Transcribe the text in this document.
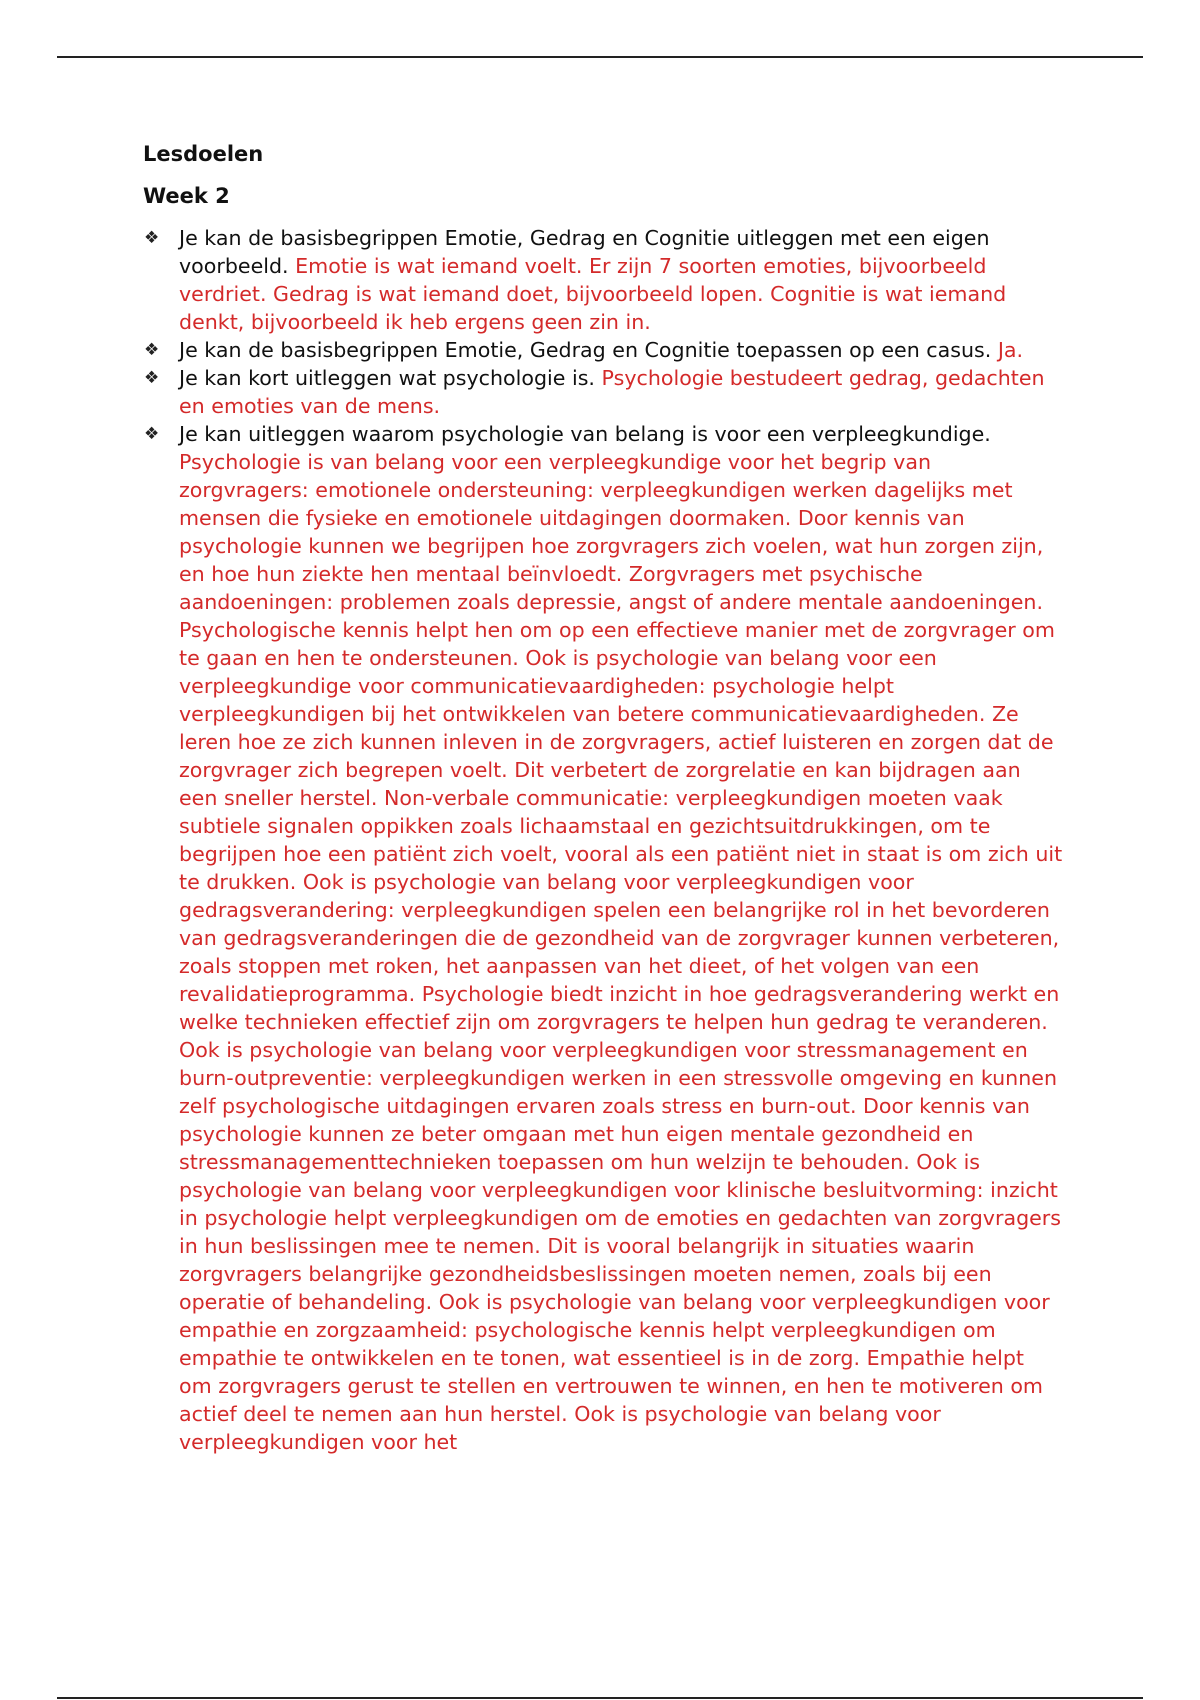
Lesdoelen

Week 2

❖ Je kan de basisbegrippen Emotie, Gedrag en Cognitie uitleggen met een eigen voorbeeld. Emotie is wat iemand voelt. Er zijn 7 soorten emoties, bijvoorbeeld verdriet. Gedrag is wat iemand doet, bijvoorbeeld lopen. Cognitie is wat iemand denkt, bijvoorbeeld ik heb ergens geen zin in.
❖ Je kan de basisbegrippen Emotie, Gedrag en Cognitie toepassen op een casus. Ja.
❖ Je kan kort uitleggen wat psychologie is. Psychologie bestudeert gedrag, gedachten en emoties van de mens.
❖ Je kan uitleggen waarom psychologie van belang is voor een verpleegkundige. Psychologie is van belang voor een verpleegkundige voor het begrip van zorgvragers: emotionele ondersteuning: verpleegkundigen werken dagelijks met mensen die fysieke en emotionele uitdagingen doormaken. Door kennis van psychologie kunnen we begrijpen hoe zorgvragers zich voelen, wat hun zorgen zijn, en hoe hun ziekte hen mentaal beïnvloedt. Zorgvragers met psychische aandoeningen: problemen zoals depressie, angst of andere mentale aandoeningen. Psychologische kennis helpt hen om op een effectieve manier met de zorgvrager om te gaan en hen te ondersteunen. Ook is psychologie van belang voor een verpleegkundige voor communicatievaardigheden: psychologie helpt verpleegkundigen bij het ontwikkelen van betere communicatievaardigheden. Ze leren hoe ze zich kunnen inleven in de zorgvragers, actief luisteren en zorgen dat de zorgvrager zich begrepen voelt. Dit verbetert de zorgrelatie en kan bijdragen aan een sneller herstel. Non-verbale communicatie: verpleegkundigen moeten vaak subtiele signalen oppikken zoals lichaamstaal en gezichtsuitdrukkingen, om te begrijpen hoe een patiënt zich voelt, vooral als een patiënt niet in staat is om zich uit te drukken. Ook is psychologie van belang voor verpleegkundigen voor gedragsverandering: verpleegkundigen spelen een belangrijke rol in het bevorderen van gedragsveranderingen die de gezondheid van de zorgvrager kunnen verbeteren, zoals stoppen met roken, het aanpassen van het dieet, of het volgen van een revalidatieprogramma. Psychologie biedt inzicht in hoe gedragsverandering werkt en welke technieken effectief zijn om zorgvragers te helpen hun gedrag te veranderen. Ook is psychologie van belang voor verpleegkundigen voor stressmanagement en burn-outpreventie: verpleegkundigen werken in een stressvolle omgeving en kunnen zelf psychologische uitdagingen ervaren zoals stress en burn-out. Door kennis van psychologie kunnen ze beter omgaan met hun eigen mentale gezondheid en stressmanagementtechnieken toepassen om hun welzijn te behouden. Ook is psychologie van belang voor verpleegkundigen voor klinische besluitvorming: inzicht in psychologie helpt verpleegkundigen om de emoties en gedachten van zorgvragers in hun beslissingen mee te nemen. Dit is vooral belangrijk in situaties waarin zorgvragers belangrijke gezondheidsbeslissingen moeten nemen, zoals bij een operatie of behandeling. Ook is psychologie van belang voor verpleegkundigen voor empathie en zorgzaamheid: psychologische kennis helpt verpleegkundigen om empathie te ontwikkelen en te tonen, wat essentieel is in de zorg. Empathie helpt om zorgvragers gerust te stellen en vertrouwen te winnen, en hen te motiveren om actief deel te nemen aan hun herstel. Ook is psychologie van belang voor verpleegkundigen voor het
